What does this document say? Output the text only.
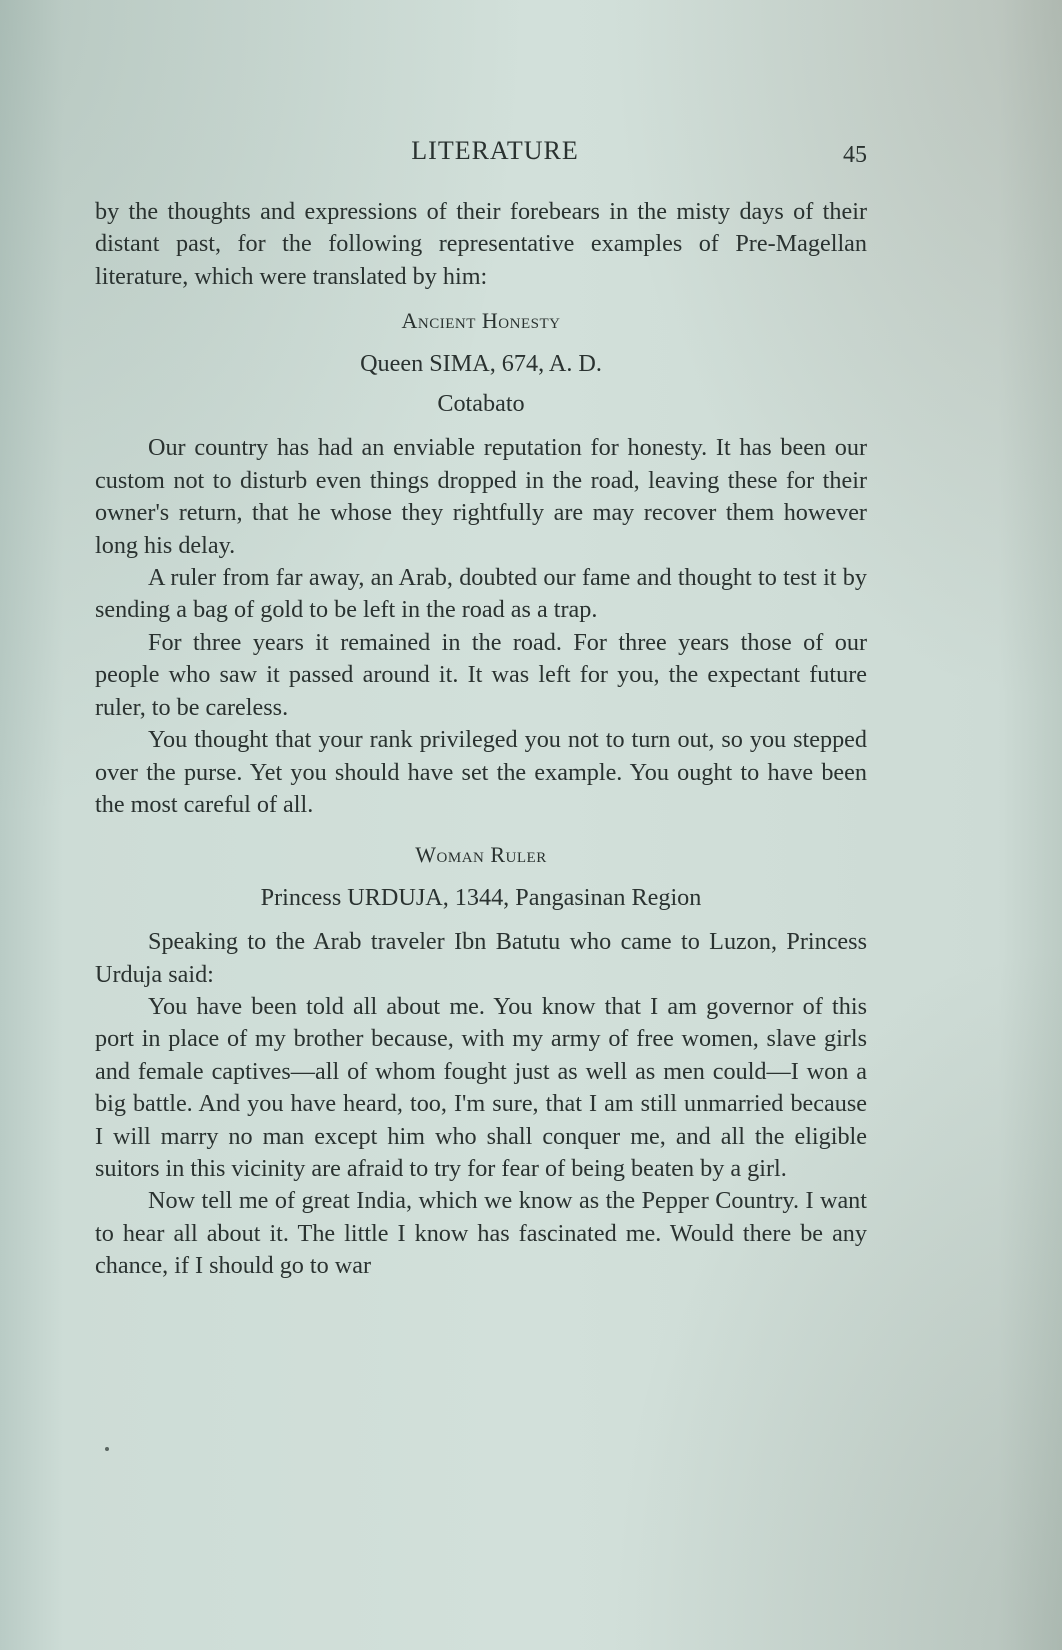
LITERATURE	45

by the thoughts and expressions of their forebears in the misty days of their distant past, for the following representative examples of Pre-Magellan literature, which were translated by him:

Ancient Honesty
Queen SIMA, 674, A. D.
Cotabato

Our country has had an enviable reputation for honesty. It has been our custom not to disturb even things dropped in the road, leaving these for their owner's return, that he whose they rightfully are may recover them however long his delay.

A ruler from far away, an Arab, doubted our fame and thought to test it by sending a bag of gold to be left in the road as a trap.

For three years it remained in the road. For three years those of our people who saw it passed around it. It was left for you, the expectant future ruler, to be careless.

You thought that your rank privileged you not to turn out, so you stepped over the purse. Yet you should have set the example. You ought to have been the most careful of all.

Woman Ruler
Princess URDUJA, 1344, Pangasinan Region

Speaking to the Arab traveler Ibn Batutu who came to Luzon, Princess Urduja said:

You have been told all about me. You know that I am governor of this port in place of my brother because, with my army of free women, slave girls and female captives—all of whom fought just as well as men could—I won a big battle. And you have heard, too, I'm sure, that I am still unmarried because I will marry no man except him who shall conquer me, and all the eligible suitors in this vicinity are afraid to try for fear of being beaten by a girl.

Now tell me of great India, which we know as the Pepper Country. I want to hear all about it. The little I know has fascinated me. Would there be any chance, if I should go to war
